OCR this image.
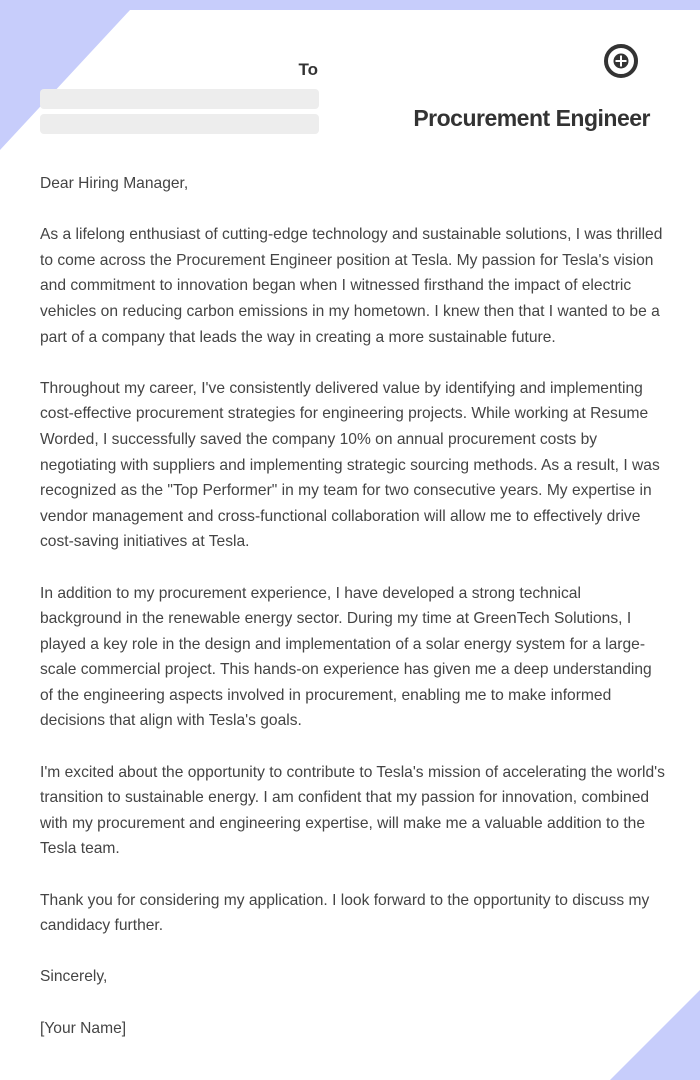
To
Procurement Engineer

Dear Hiring Manager,

As a lifelong enthusiast of cutting-edge technology and sustainable solutions, I was thrilled to come across the Procurement Engineer position at Tesla. My passion for Tesla's vision and commitment to innovation began when I witnessed firsthand the impact of electric vehicles on reducing carbon emissions in my hometown. I knew then that I wanted to be a part of a company that leads the way in creating a more sustainable future.

Throughout my career, I've consistently delivered value by identifying and implementing cost-effective procurement strategies for engineering projects. While working at Resume Worded, I successfully saved the company 10% on annual procurement costs by negotiating with suppliers and implementing strategic sourcing methods. As a result, I was recognized as the "Top Performer" in my team for two consecutive years. My expertise in vendor management and cross-functional collaboration will allow me to effectively drive cost-saving initiatives at Tesla.

In addition to my procurement experience, I have developed a strong technical background in the renewable energy sector. During my time at GreenTech Solutions, I played a key role in the design and implementation of a solar energy system for a large-scale commercial project. This hands-on experience has given me a deep understanding of the engineering aspects involved in procurement, enabling me to make informed decisions that align with Tesla's goals.

I'm excited about the opportunity to contribute to Tesla's mission of accelerating the world's transition to sustainable energy. I am confident that my passion for innovation, combined with my procurement and engineering expertise, will make me a valuable addition to the Tesla team.

Thank you for considering my application. I look forward to the opportunity to discuss my candidacy further.

Sincerely,

[Your Name]
